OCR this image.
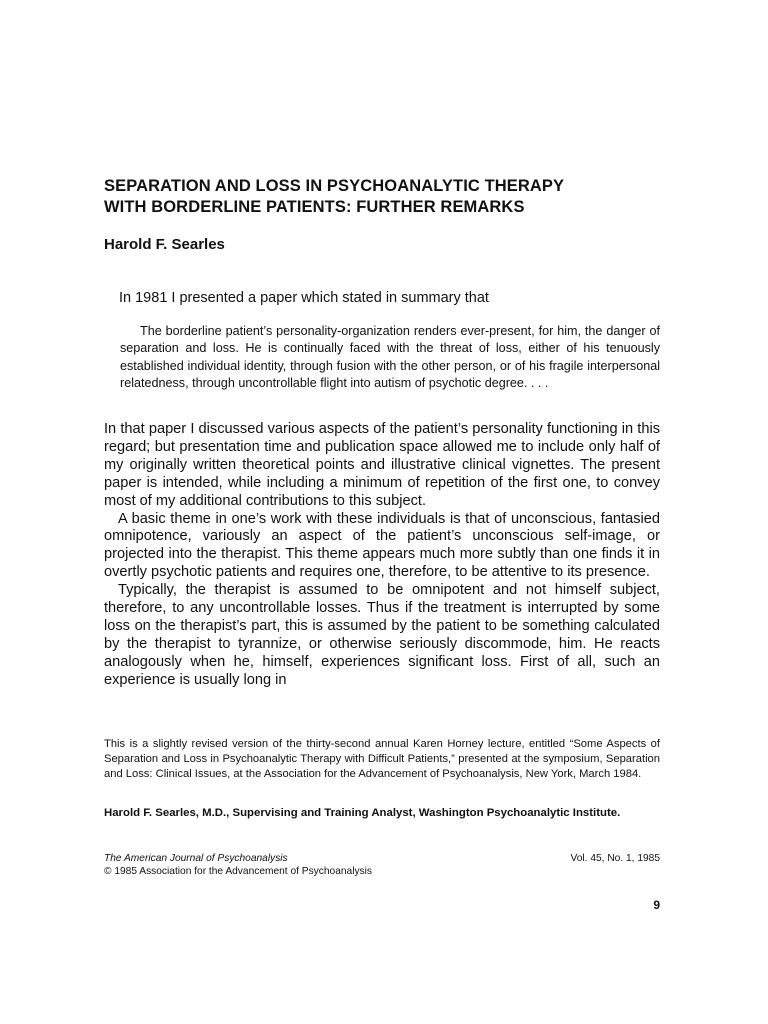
SEPARATION AND LOSS IN PSYCHOANALYTIC THERAPY
WITH BORDERLINE PATIENTS: FURTHER REMARKS
Harold F. Searles
In 1981 I presented a paper which stated in summary that
The borderline patient’s personality-organization renders ever-present, for him, the danger of separation and loss. He is continually faced with the threat of loss, either of his tenuously established individual identity, through fusion with the other person, or of his fragile interpersonal relatedness, through uncontrollable flight into autism of psychotic degree. . . .

In that paper I discussed various aspects of the patient’s personality functioning in this regard; but presentation time and publication space allowed me to include only half of my originally written theoretical points and illustrative clinical vignettes. The present paper is intended, while including a minimum of repetition of the first one, to convey most of my additional contributions to this subject.

A basic theme in one’s work with these individuals is that of unconscious, fantasied omnipotence, variously an aspect of the patient’s unconscious self-image, or projected into the therapist. This theme appears much more subtly than one finds it in overtly psychotic patients and requires one, therefore, to be attentive to its presence.

Typically, the therapist is assumed to be omnipotent and not himself subject, therefore, to any uncontrollable losses. Thus if the treatment is interrupted by some loss on the therapist’s part, this is assumed by the patient to be something calculated by the therapist to tyrannize, or otherwise seriously discommode, him. He reacts analogously when he, himself, experiences significant loss. First of all, such an experience is usually long in

This is a slightly revised version of the thirty-second annual Karen Horney lecture, entitled “Some Aspects of Separation and Loss in Psychoanalytic Therapy with Difficult Patients,” presented at the symposium, Separation and Loss: Clinical Issues, at the Association for the Advancement of Psychoanalysis, New York, March 1984.
Harold F. Searles, M.D., Supervising and Training Analyst, Washington Psychoanalytic Institute.
The American Journal of Psychoanalysis	Vol. 45, No. 1, 1985
© 1985 Association for the Advancement of Psychoanalysis
9
